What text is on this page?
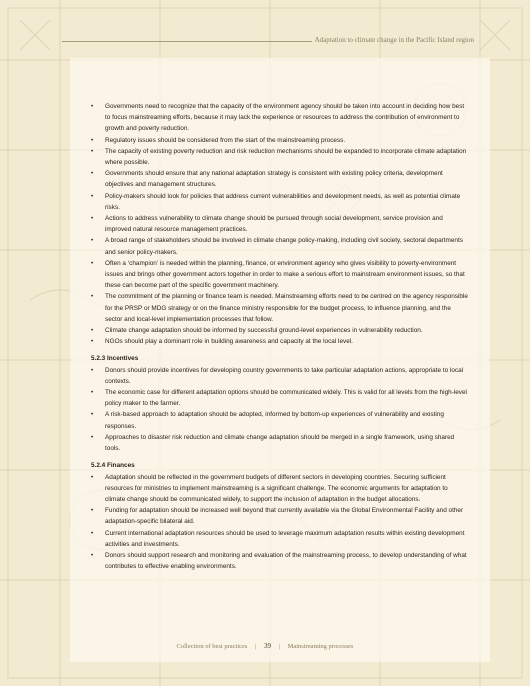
Adaptation to climate change in the Pacific Island region
• Governments need to recognize that the capacity of the environment agency should be taken into account in deciding how best to focus mainstreaming efforts, because it may lack the experience or resources to address the contribution of environment to growth and poverty reduction.
• Regulatory issues should be considered from the start of the mainstreaming process.
• The capacity of existing poverty reduction and risk reduction mechanisms should be expanded to incorporate climate adaptation where possible.
• Governments should ensure that any national adaptation strategy is consistent with existing policy criteria, development objectives and management structures.
• Policy-makers should look for policies that address current vulnerabilities and development needs, as well as potential climate risks.
• Actions to address vulnerability to climate change should be pursued through social development, service provision and improved natural resource management practices.
• A broad range of stakeholders should be involved in climate change policy-making, including civil society, sectoral departments and senior policy-makers.
• Often a ‘champion’ is needed within the planning, finance, or environment agency who gives visibility to poverty-environment issues and brings other government actors together in order to make a serious effort to mainstream environment issues, so that these can become part of the specific government machinery.
• The commitment of the planning or finance team is needed. Mainstreaming efforts need to be centred on the agency responsible for the PRSP or MDG strategy or on the finance ministry responsible for the budget process, to influence planning, and the sector and local-level implementation processes that follow.
• Climate change adaptation should be informed by successful ground-level experiences in vulnerability reduction.
• NGOs should play a dominant role in building awareness and capacity at the local level.
5.2.3 Incentives
• Donors should provide incentives for developing country governments to take particular adaptation actions, appropriate to local contexts.
• The economic case for different adaptation options should be communicated widely. This is valid for all levels from the high-level policy maker to the farmer.
• A risk-based approach to adaptation should be adopted, informed by bottom-up experiences of vulnerability and existing responses.
• Approaches to disaster risk reduction and climate change adaptation should be merged in a single framework, using shared tools.
5.2.4 Finances
• Adaptation should be reflected in the government budgets of different sectors in developing countries. Securing sufficient resources for ministries to implement mainstreaming is a significant challenge. The economic arguments for adaptation to climate change should be communicated widely, to support the inclusion of adaptation in the budget allocations.
• Funding for adaptation should be increased well beyond that currently available via the Global Environmental Facility and other adaptation-specific bilateral aid.
• Current international adaptation resources should be used to leverage maximum adaptation results within existing development activities and investments.
• Donors should support research and monitoring and evaluation of the mainstreaming process, to develop understanding of what contributes to effective enabling environments.
Collection of best practices | 39 | Mainstreaming processes
